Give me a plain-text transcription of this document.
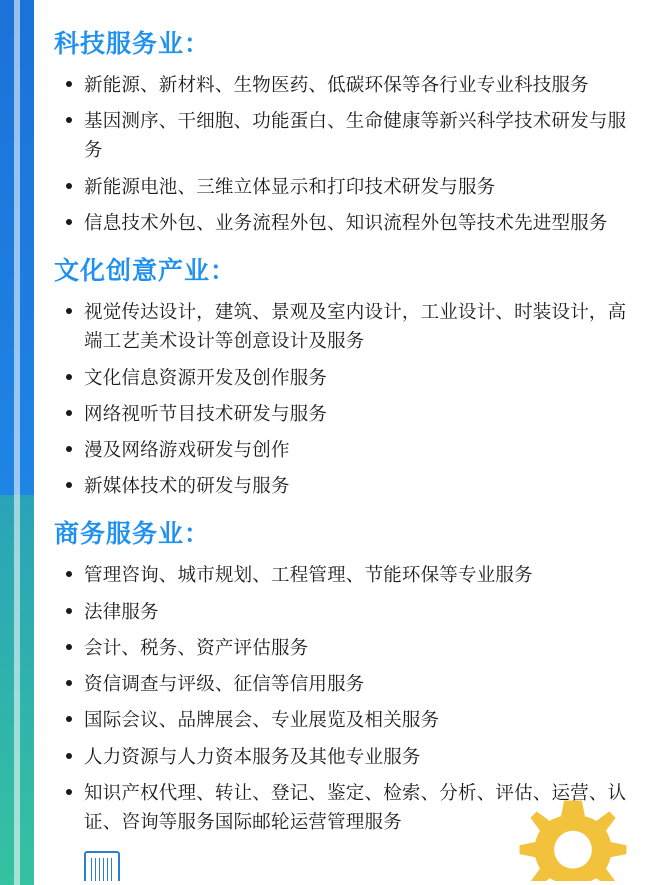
科技服务业：
新能源、新材料、生物医药、低碳环保等各行业专业科技服务
基因测序、干细胞、功能蛋白、生命健康等新兴科学技术研发与服务
新能源电池、三维立体显示和打印技术研发与服务
信息技术外包、业务流程外包、知识流程外包等技术先进型服务
文化创意产业：
视觉传达设计，建筑、景观及室内设计，工业设计、时装设计，高端工艺美术设计等创意设计及服务
文化信息资源开发及创作服务
网络视听节目技术研发与服务
漫及网络游戏研发与创作
新媒体技术的研发与服务
商务服务业：
管理咨询、城市规划、工程管理、节能环保等专业服务
法律服务
会计、税务、资产评估服务
资信调查与评级、征信等信用服务
国际会议、品牌展会、专业展览及相关服务
人力资源与人力资本服务及其他专业服务
知识产权代理、转让、登记、鉴定、检索、分析、评估、运营、认证、咨询等服务国际邮轮运营管理服务
